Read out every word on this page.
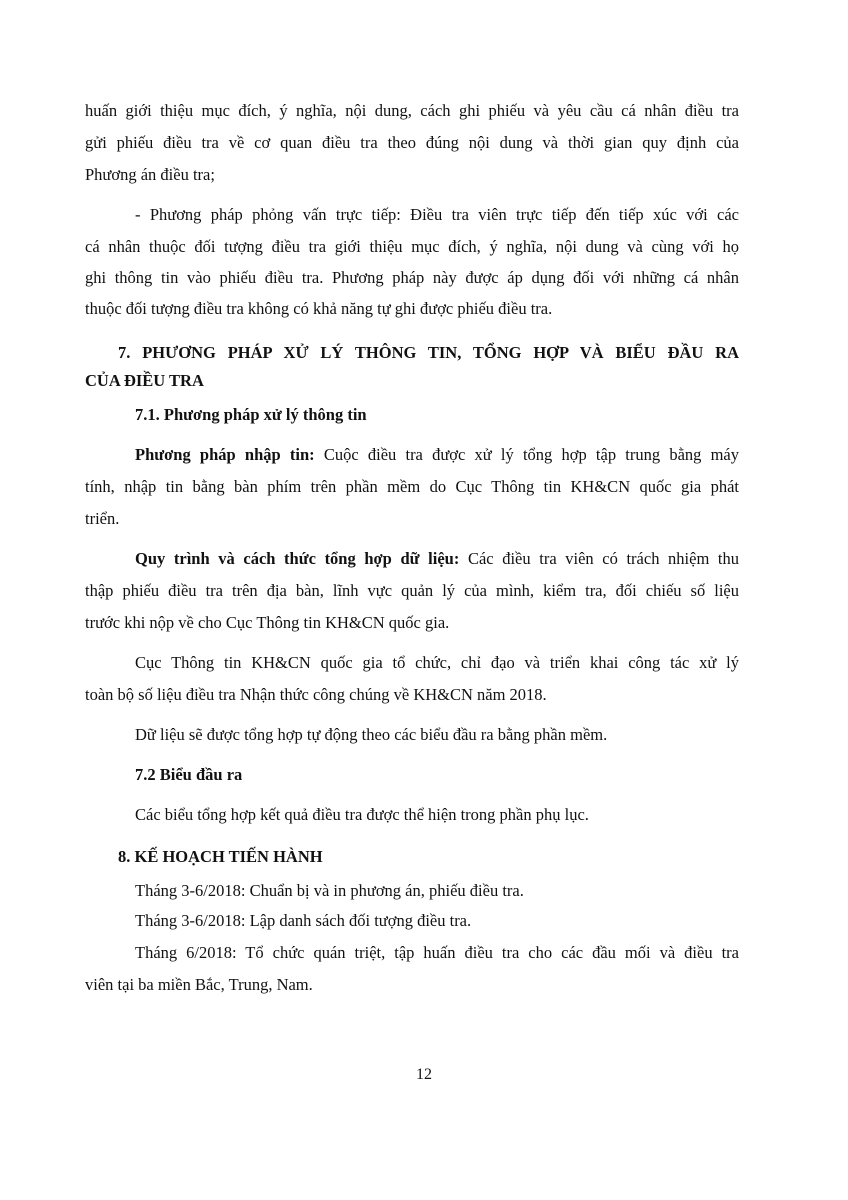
huấn giới thiệu mục đích, ý nghĩa, nội dung, cách ghi phiếu và yêu cầu cá nhân điều tra
gửi phiếu điều tra về cơ quan điều tra theo đúng nội dung và thời gian quy định của
Phương án điều tra;
- Phương pháp phỏng vấn trực tiếp: Điều tra viên trực tiếp đến tiếp xúc với các
cá nhân thuộc đối tượng điều tra giới thiệu mục đích, ý nghĩa, nội dung và cùng với họ
ghi thông tin vào phiếu điều tra. Phương pháp này được áp dụng đối với những cá nhân
thuộc đối tượng điều tra không có khả năng tự ghi được phiếu điều tra.
7. PHƯƠNG PHÁP XỬ LÝ THÔNG TIN, TỔNG HỢP VÀ BIỂU ĐẦU RA
CỦA ĐIỀU TRA
7.1. Phương pháp xử lý thông tin
Phương pháp nhập tin: Cuộc điều tra được xử lý tổng hợp tập trung bằng máy
tính, nhập tin bằng bàn phím trên phần mềm do Cục Thông tin KH&CN quốc gia phát
triển.
Quy trình và cách thức tổng hợp dữ liệu: Các điều tra viên có trách nhiệm thu
thập phiếu điều tra trên địa bàn, lĩnh vực quản lý của mình, kiểm tra, đối chiếu số liệu
trước khi nộp về cho Cục Thông tin KH&CN quốc gia.
Cục Thông tin KH&CN quốc gia tổ chức, chỉ đạo và triển khai công tác xử lý
toàn bộ số liệu điều tra Nhận thức công chúng về KH&CN năm 2018.
Dữ liệu sẽ được tổng hợp tự động theo các biểu đầu ra bằng phần mềm.
7.2 Biểu đầu ra
Các biểu tổng hợp kết quả điều tra được thể hiện trong phần phụ lục.
8. KẾ HOẠCH TIẾN HÀNH
Tháng 3-6/2018: Chuẩn bị và in phương án, phiếu điều tra.
Tháng 3-6/2018: Lập danh sách đối tượng điều tra.
Tháng 6/2018: Tổ chức quán triệt, tập huấn điều tra cho các đầu mối và điều tra
viên tại ba miền Bắc, Trung, Nam.
12
